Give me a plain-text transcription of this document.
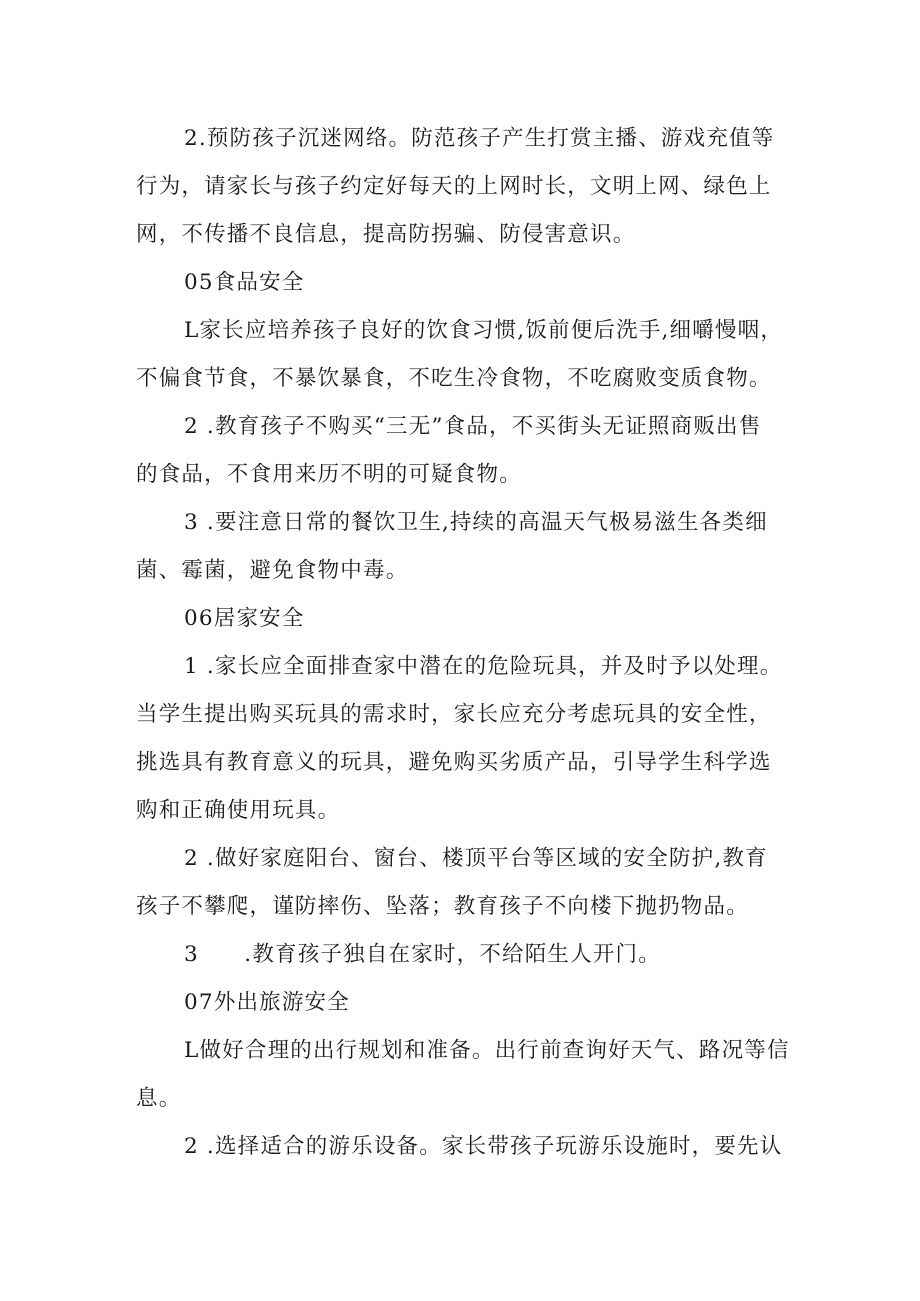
2.预防孩子沉迷网络。防范孩子产生打赏主播、游戏充值等
行为，请家长与孩子约定好每天的上网时长，文明上网、绿色上
网，不传播不良信息，提高防拐骗、防侵害意识。
05食品安全
L家长应培养孩子良好的饮食习惯,饭前便后洗手,细嚼慢咽，
不偏食节食，不暴饮暴食，不吃生冷食物，不吃腐败变质食物。
2 .教育孩子不购买“三无”食品，不买街头无证照商贩出售
的食品，不食用来历不明的可疑食物。
3 .要注意日常的餐饮卫生,持续的高温天气极易滋生各类细
菌、霉菌，避免食物中毒。
06居家安全
1 .家长应全面排查家中潜在的危险玩具，并及时予以处理。
当学生提出购买玩具的需求时，家长应充分考虑玩具的安全性，
挑选具有教育意义的玩具，避免购买劣质产品，引导学生科学选
购和正确使用玩具。
2 .做好家庭阳台、窗台、楼顶平台等区域的安全防护,教育
孩子不攀爬，谨防摔伤、坠落；教育孩子不向楼下抛扔物品。
3　　.教育孩子独自在家时，不给陌生人开门。
07外出旅游安全
L做好合理的出行规划和准备。出行前查询好天气、路况等信
息。
2 .选择适合的游乐设备。家长带孩子玩游乐设施时，要先认
